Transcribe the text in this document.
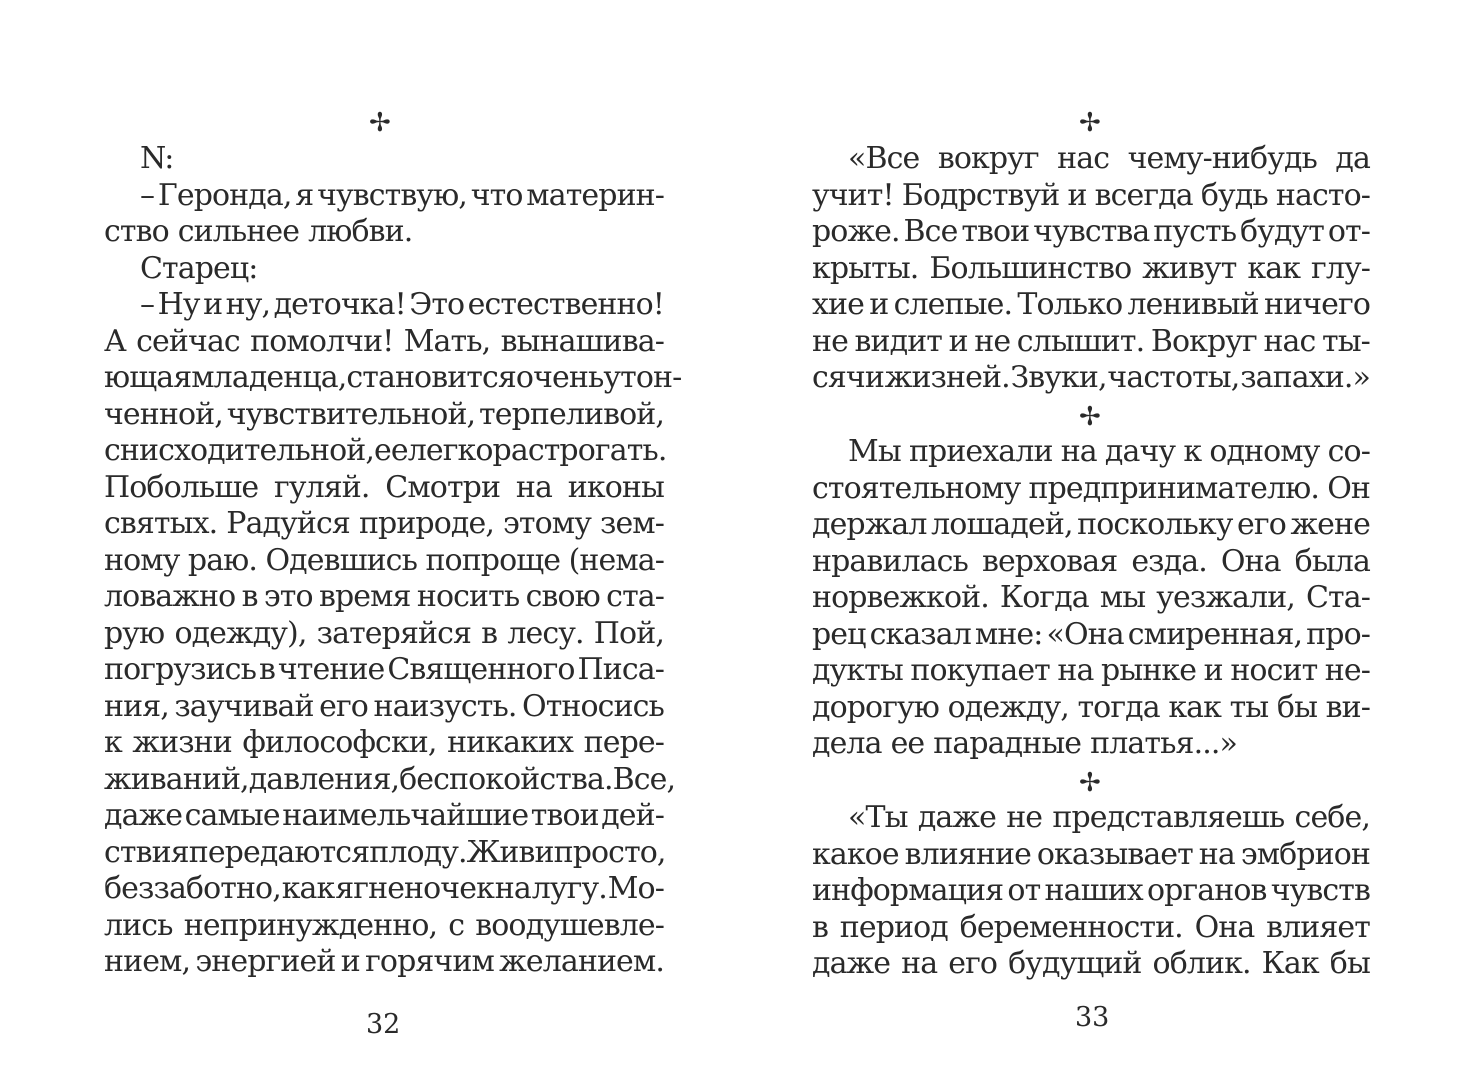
✢
N:
– Геронда, я чувствую, что материн-
ство сильнее любви.
Старец:
– Ну и ну, деточка! Это естественно!
А сейчас помолчи! Мать, вынашива-
ющая младенца, становится очень утон-
ченной, чувствительной, терпеливой,
снисходительной, ее легко растрогать.
Побольше гуляй. Смотри на иконы
святых. Радуйся природе, этому зем-
ному раю. Одевшись попроще (нема-
ловажно в это время носить свою ста-
рую одежду), затеряйся в лесу. Пой,
погрузись в чтение Священного Писа-
ния, заучивай его наизусть. Относись
к жизни философски, никаких пере-
живаний, давления, беспокойства. Все,
даже самые наимельчайшие твои дей-
ствия передаются плоду. Живи просто,
беззаботно, как ягненочек на лугу. Мо-
лись непринужденно, с воодушевле-
нием, энергией и горячим желанием.
32
✢
«Все вокруг нас чему-нибудь да
учит! Бодрствуй и всегда будь насто-
роже. Все твои чувства пусть будут от-
крыты. Большинство живут как глу-
хие и слепые. Только ленивый ничего
не видит и не слышит. Вокруг нас ты-
сячи жизней. Звуки, частоты, запахи.»
✢
Мы приехали на дачу к одному со-
стоятельному предпринимателю. Он
держал лошадей, поскольку его жене
нравилась верховая езда. Она была
норвежкой. Когда мы уезжали, Ста-
рец сказал мне: «Она смиренная, про-
дукты покупает на рынке и носит не-
дорогую одежду, тогда как ты бы ви-
дела ее парадные платья...»
✢
«Ты даже не представляешь себе,
какое влияние оказывает на эмбрион
информация от наших органов чувств
в период беременности. Она влияет
даже на его будущий облик. Как бы
33
